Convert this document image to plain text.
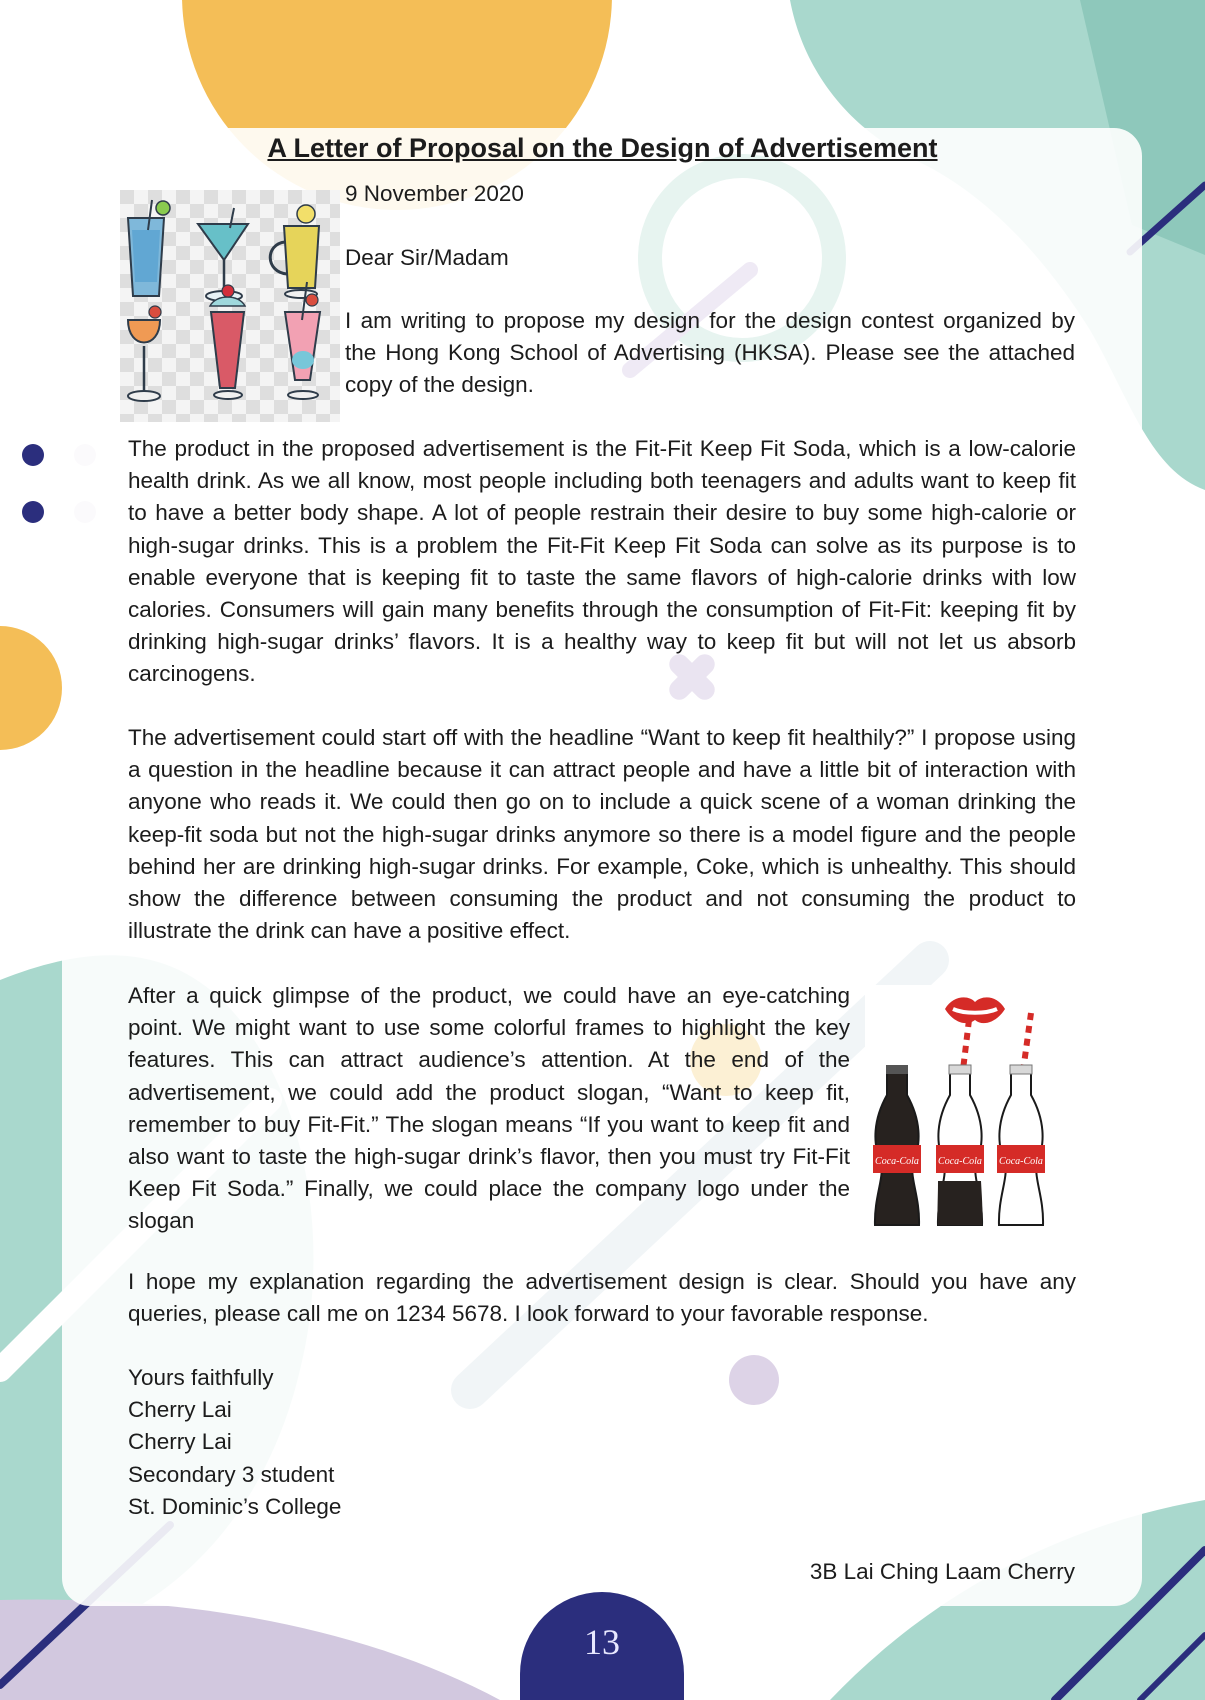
A Letter of Proposal on the Design of Advertisement

9 November 2020

Dear Sir/Madam

I am writing to propose my design for the design contest organized by the Hong Kong School of Advertising (HKSA). Please see the attached copy of the design.

The product in the proposed advertisement is the Fit-Fit Keep Fit Soda, which is a low-calorie health drink. As we all know, most people including both teenagers and adults want to keep fit to have a better body shape. A lot of people restrain their desire to buy some high-calorie or high-sugar drinks. This is a problem the Fit-Fit Keep Fit Soda can solve as its purpose is to enable everyone that is keeping fit to taste the same flavors of high-calorie drinks with low calories. Consumers will gain many benefits through the consumption of Fit-Fit: keeping fit by drinking high-sugar drinks’ flavors. It is a healthy way to keep fit but will not let us absorb carcinogens.

The advertisement could start off with the headline “Want to keep fit healthily?” I propose using a question in the headline because it can attract people and have a little bit of interaction with anyone who reads it. We could then go on to include a quick scene of a woman drinking the keep-fit soda but not the high-sugar drinks anymore so there is a model figure and the people behind her are drinking high-sugar drinks. For example, Coke, which is unhealthy. This should show the difference between consuming the product and not consuming the product to illustrate the drink can have a positive effect.

After a quick glimpse of the product, we could have an eye-catching point. We might want to use some colorful frames to highlight the key features. This can attract audience’s attention. At the end of the advertisement, we could add the product slogan, “Want to keep fit, remember to buy Fit-Fit.” The slogan means “If you want to keep fit and also want to taste the high-sugar drink’s flavor, then you must try Fit-Fit Keep Fit Soda.” Finally, we could place the company logo under the slogan

Coca-Cola Coca-Cola Coca-Cola

I hope my explanation regarding the advertisement design is clear. Should you have any queries, please call me on 1234 5678. I look forward to your favorable response.

Yours faithfully
Cherry Lai
Cherry Lai
Secondary 3 student
St. Dominic’s College

3B Lai Ching Laam Cherry

13
